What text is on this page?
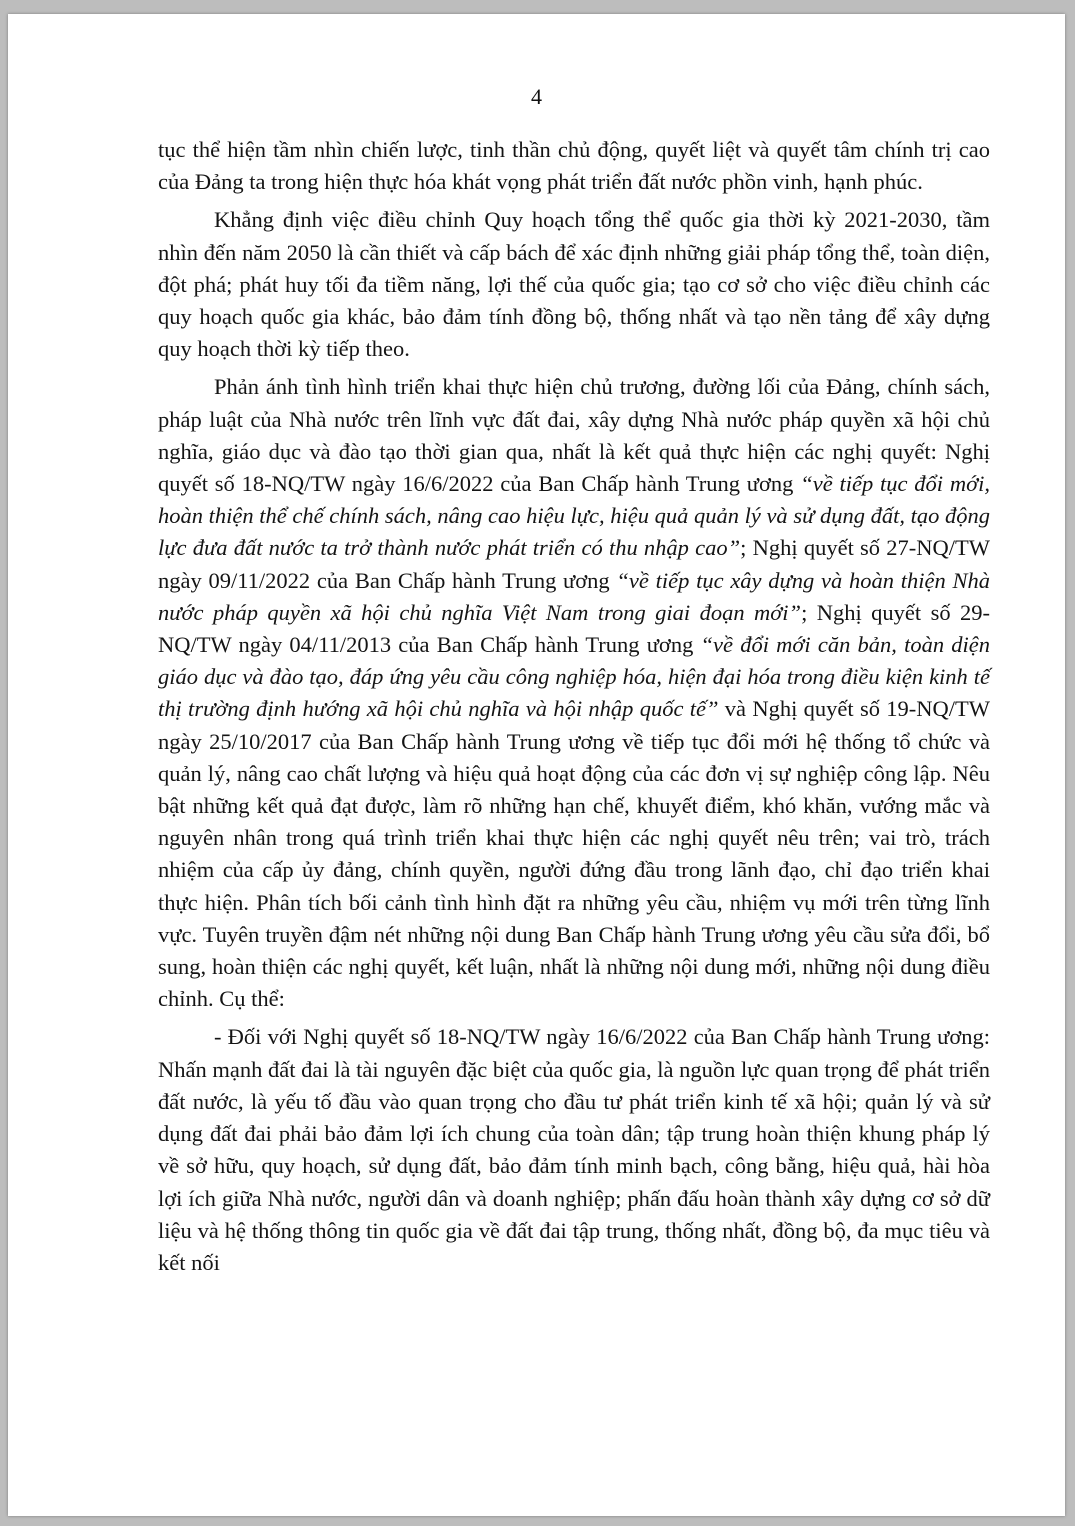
4

tục thể hiện tầm nhìn chiến lược, tinh thần chủ động, quyết liệt và quyết tâm chính trị cao của Đảng ta trong hiện thực hóa khát vọng phát triển đất nước phồn vinh, hạnh phúc.

Khẳng định việc điều chỉnh Quy hoạch tổng thể quốc gia thời kỳ 2021-2030, tầm nhìn đến năm 2050 là cần thiết và cấp bách để xác định những giải pháp tổng thể, toàn diện, đột phá; phát huy tối đa tiềm năng, lợi thế của quốc gia; tạo cơ sở cho việc điều chỉnh các quy hoạch quốc gia khác, bảo đảm tính đồng bộ, thống nhất và tạo nền tảng để xây dựng quy hoạch thời kỳ tiếp theo.

Phản ánh tình hình triển khai thực hiện chủ trương, đường lối của Đảng, chính sách, pháp luật của Nhà nước trên lĩnh vực đất đai, xây dựng Nhà nước pháp quyền xã hội chủ nghĩa, giáo dục và đào tạo thời gian qua, nhất là kết quả thực hiện các nghị quyết: Nghị quyết số 18-NQ/TW ngày 16/6/2022 của Ban Chấp hành Trung ương “về tiếp tục đổi mới, hoàn thiện thể chế chính sách, nâng cao hiệu lực, hiệu quả quản lý và sử dụng đất, tạo động lực đưa đất nước ta trở thành nước phát triển có thu nhập cao”; Nghị quyết số 27-NQ/TW ngày 09/11/2022 của Ban Chấp hành Trung ương “về tiếp tục xây dựng và hoàn thiện Nhà nước pháp quyền xã hội chủ nghĩa Việt Nam trong giai đoạn mới”; Nghị quyết số 29-NQ/TW ngày 04/11/2013 của Ban Chấp hành Trung ương “về đổi mới căn bản, toàn diện giáo dục và đào tạo, đáp ứng yêu cầu công nghiệp hóa, hiện đại hóa trong điều kiện kinh tế thị trường định hướng xã hội chủ nghĩa và hội nhập quốc tế” và Nghị quyết số 19-NQ/TW ngày 25/10/2017 của Ban Chấp hành Trung ương về tiếp tục đổi mới hệ thống tổ chức và quản lý, nâng cao chất lượng và hiệu quả hoạt động của các đơn vị sự nghiệp công lập. Nêu bật những kết quả đạt được, làm rõ những hạn chế, khuyết điểm, khó khăn, vướng mắc và nguyên nhân trong quá trình triển khai thực hiện các nghị quyết nêu trên; vai trò, trách nhiệm của cấp ủy đảng, chính quyền, người đứng đầu trong lãnh đạo, chỉ đạo triển khai thực hiện. Phân tích bối cảnh tình hình đặt ra những yêu cầu, nhiệm vụ mới trên từng lĩnh vực. Tuyên truyền đậm nét những nội dung Ban Chấp hành Trung ương yêu cầu sửa đổi, bổ sung, hoàn thiện các nghị quyết, kết luận, nhất là những nội dung mới, những nội dung điều chỉnh. Cụ thể:

- Đối với Nghị quyết số 18-NQ/TW ngày 16/6/2022 của Ban Chấp hành Trung ương: Nhấn mạnh đất đai là tài nguyên đặc biệt của quốc gia, là nguồn lực quan trọng để phát triển đất nước, là yếu tố đầu vào quan trọng cho đầu tư phát triển kinh tế xã hội; quản lý và sử dụng đất đai phải bảo đảm lợi ích chung của toàn dân; tập trung hoàn thiện khung pháp lý về sở hữu, quy hoạch, sử dụng đất, bảo đảm tính minh bạch, công bằng, hiệu quả, hài hòa lợi ích giữa Nhà nước, người dân và doanh nghiệp; phấn đấu hoàn thành xây dựng cơ sở dữ liệu và hệ thống thông tin quốc gia về đất đai tập trung, thống nhất, đồng bộ, đa mục tiêu và kết nối
